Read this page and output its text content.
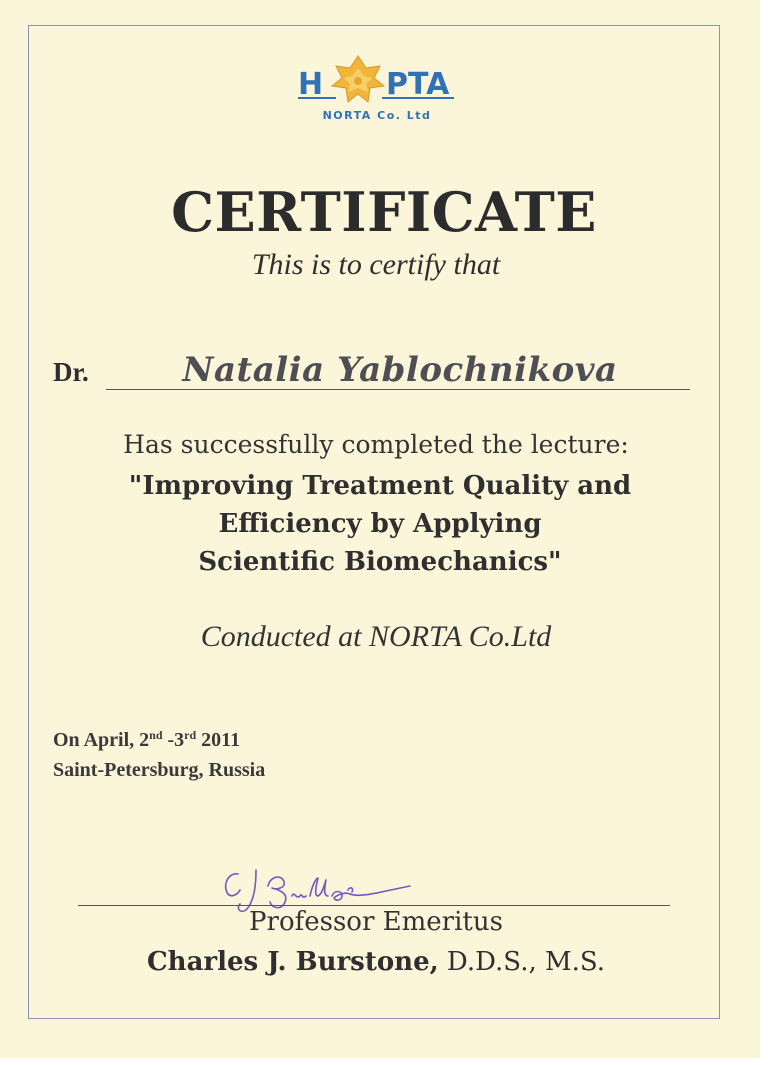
H PTA
NORTA Co. Ltd
CERTIFICATE
This is to certify that
Dr.	Natalia Yablochnikova
Has successfully completed the lecture:
"Improving Treatment Quality and
Efficiency by Applying
Scientific Biomechanics"
Conducted at NORTA Co.Ltd
On April, 2nd -3rd 2011
Saint-Petersburg, Russia
Professor Emeritus
Charles J. Burstone, D.D.S., M.S.
